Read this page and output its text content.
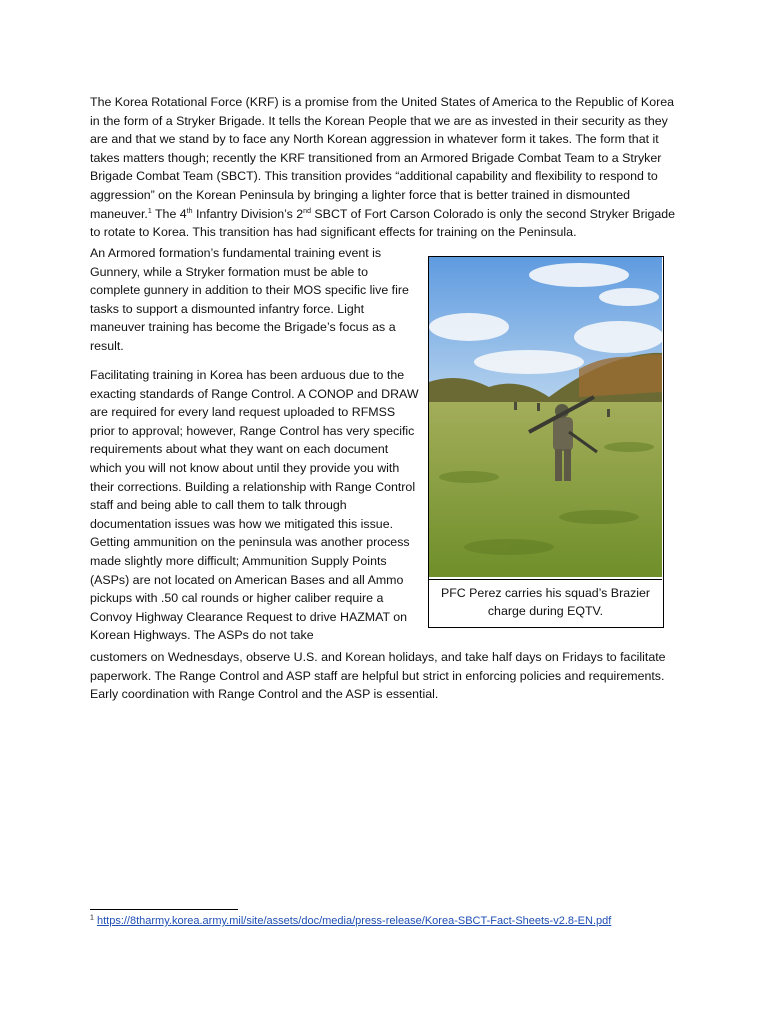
The Korea Rotational Force (KRF) is a promise from the United States of America to the Republic of Korea in the form of a Stryker Brigade. It tells the Korean People that we are as invested in their security as they are and that we stand by to face any North Korean aggression in whatever form it takes. The form that it takes matters though; recently the KRF transitioned from an Armored Brigade Combat Team to a Stryker Brigade Combat Team (SBCT). This transition provides “additional capability and flexibility to respond to aggression” on the Korean Peninsula by bringing a lighter force that is better trained in dismounted maneuver.$^1$ The 4th Infantry Division’s 2nd SBCT of Fort Carson Colorado is only the second Stryker Brigade to rotate to Korea. This transition has had significant effects for training on the Peninsula.

An Armored formation’s fundamental training event is Gunnery, while a Stryker formation must be able to complete gunnery in addition to their MOS specific live fire tasks to support a dismounted infantry force. Light maneuver training has become the Brigade’s focus as a result.

Facilitating training in Korea has been arduous due to the exacting standards of Range Control. A CONOP and DRAW are required for every land request uploaded to RFMSS prior to approval; however, Range Control has very specific requirements about what they want on each document which you will not know about until they provide you with their corrections. Building a relationship with Range Control staff and being able to call them to talk through documentation issues was how we mitigated this issue. Getting ammunition on the peninsula was another process made slightly more difficult; Ammunition Supply Points (ASPs) are not located on American Bases and all Ammo pickups with .50 cal rounds or higher caliber require a Convoy Highway Clearance Request to drive HAZMAT on Korean Highways. The ASPs do not take

customers on Wednesdays, observe U.S. and Korean holidays, and take half days on Fridays to facilitate paperwork. The Range Control and ASP staff are helpful but strict in enforcing policies and requirements. Early coordination with Range Control and the ASP is essential.

PFC Perez carries his squad’s Brazier
charge during EQTV.
$^1$ https://8tharmy.korea.army.mil/site/assets/doc/media/press-release/Korea-SBCT-Fact-Sheets-v2.8-EN.pdf
